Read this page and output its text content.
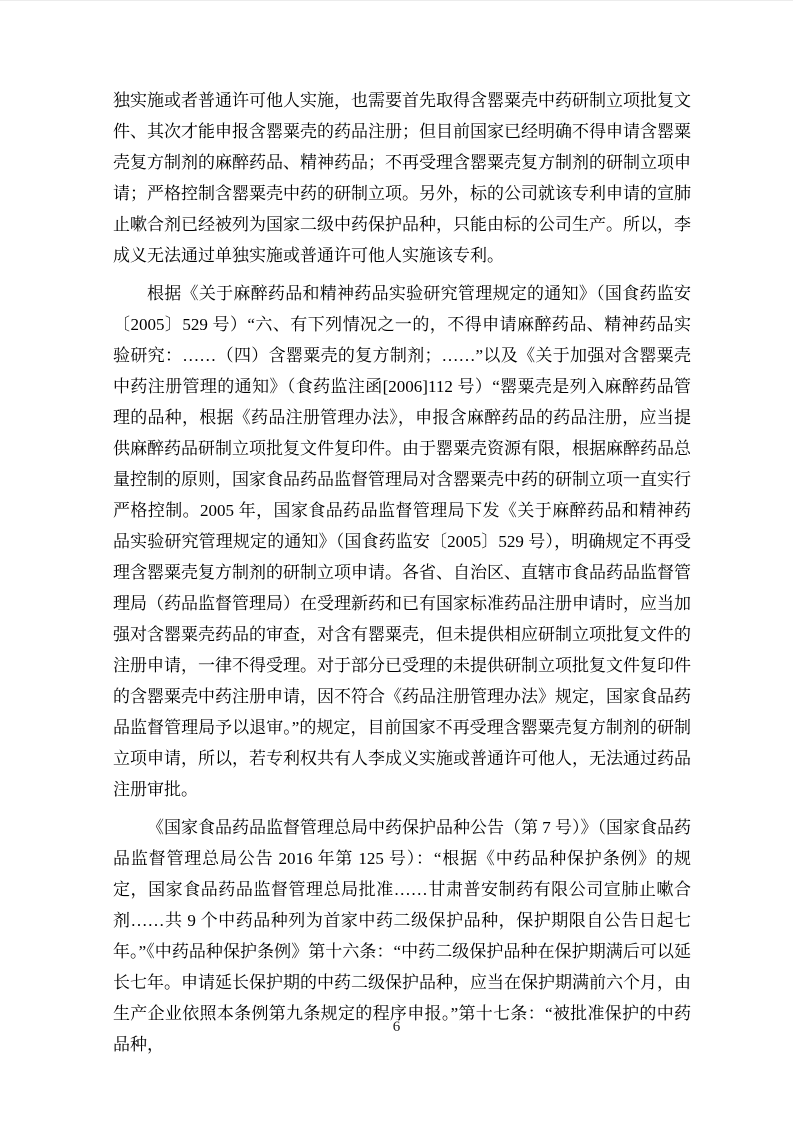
独实施或者普通许可他人实施，也需要首先取得含罂粟壳中药研制立项批复文件、其次才能申报含罂粟壳的药品注册；但目前国家已经明确不得申请含罂粟壳复方制剂的麻醉药品、精神药品；不再受理含罂粟壳复方制剂的研制立项申请；严格控制含罂粟壳中药的研制立项。另外，标的公司就该专利申请的宣肺止嗽合剂已经被列为国家二级中药保护品种，只能由标的公司生产。所以，李成义无法通过单独实施或普通许可他人实施该专利。

根据《关于麻醉药品和精神药品实验研究管理规定的通知》（国食药监安〔2005〕529 号）“六、有下列情况之一的，不得申请麻醉药品、精神药品实验研究：……（四）含罂粟壳的复方制剂；……”以及《关于加强对含罂粟壳中药注册管理的通知》（食药监注函[2006]112 号）“罂粟壳是列入麻醉药品管理的品种，根据《药品注册管理办法》，申报含麻醉药品的药品注册，应当提供麻醉药品研制立项批复文件复印件。由于罂粟壳资源有限，根据麻醉药品总量控制的原则，国家食品药品监督管理局对含罂粟壳中药的研制立项一直实行严格控制。2005 年，国家食品药品监督管理局下发《关于麻醉药品和精神药品实验研究管理规定的通知》（国食药监安〔2005〕529 号），明确规定不再受理含罂粟壳复方制剂的研制立项申请。各省、自治区、直辖市食品药品监督管理局（药品监督管理局）在受理新药和已有国家标准药品注册申请时，应当加强对含罂粟壳药品的审查，对含有罂粟壳，但未提供相应研制立项批复文件的注册申请，一律不得受理。对于部分已受理的未提供研制立项批复文件复印件的含罂粟壳中药注册申请，因不符合《药品注册管理办法》规定，国家食品药品监督管理局予以退审。”的规定，目前国家不再受理含罂粟壳复方制剂的研制立项申请，所以，若专利权共有人李成义实施或普通许可他人，无法通过药品注册审批。

《国家食品药品监督管理总局中药保护品种公告（第 7 号）》（国家食品药品监督管理总局公告 2016 年第 125 号）：“根据《中药品种保护条例》的规定，国家食品药品监督管理总局批准……甘肃普安制药有限公司宣肺止嗽合剂……共 9 个中药品种列为首家中药二级保护品种，保护期限自公告日起七年。”《中药品种保护条例》第十六条：“中药二级保护品种在保护期满后可以延长七年。申请延长保护期的中药二级保护品种，应当在保护期满前六个月，由生产企业依照本条例第九条规定的程序申报。”第十七条：“被批准保护的中药品种，

6
